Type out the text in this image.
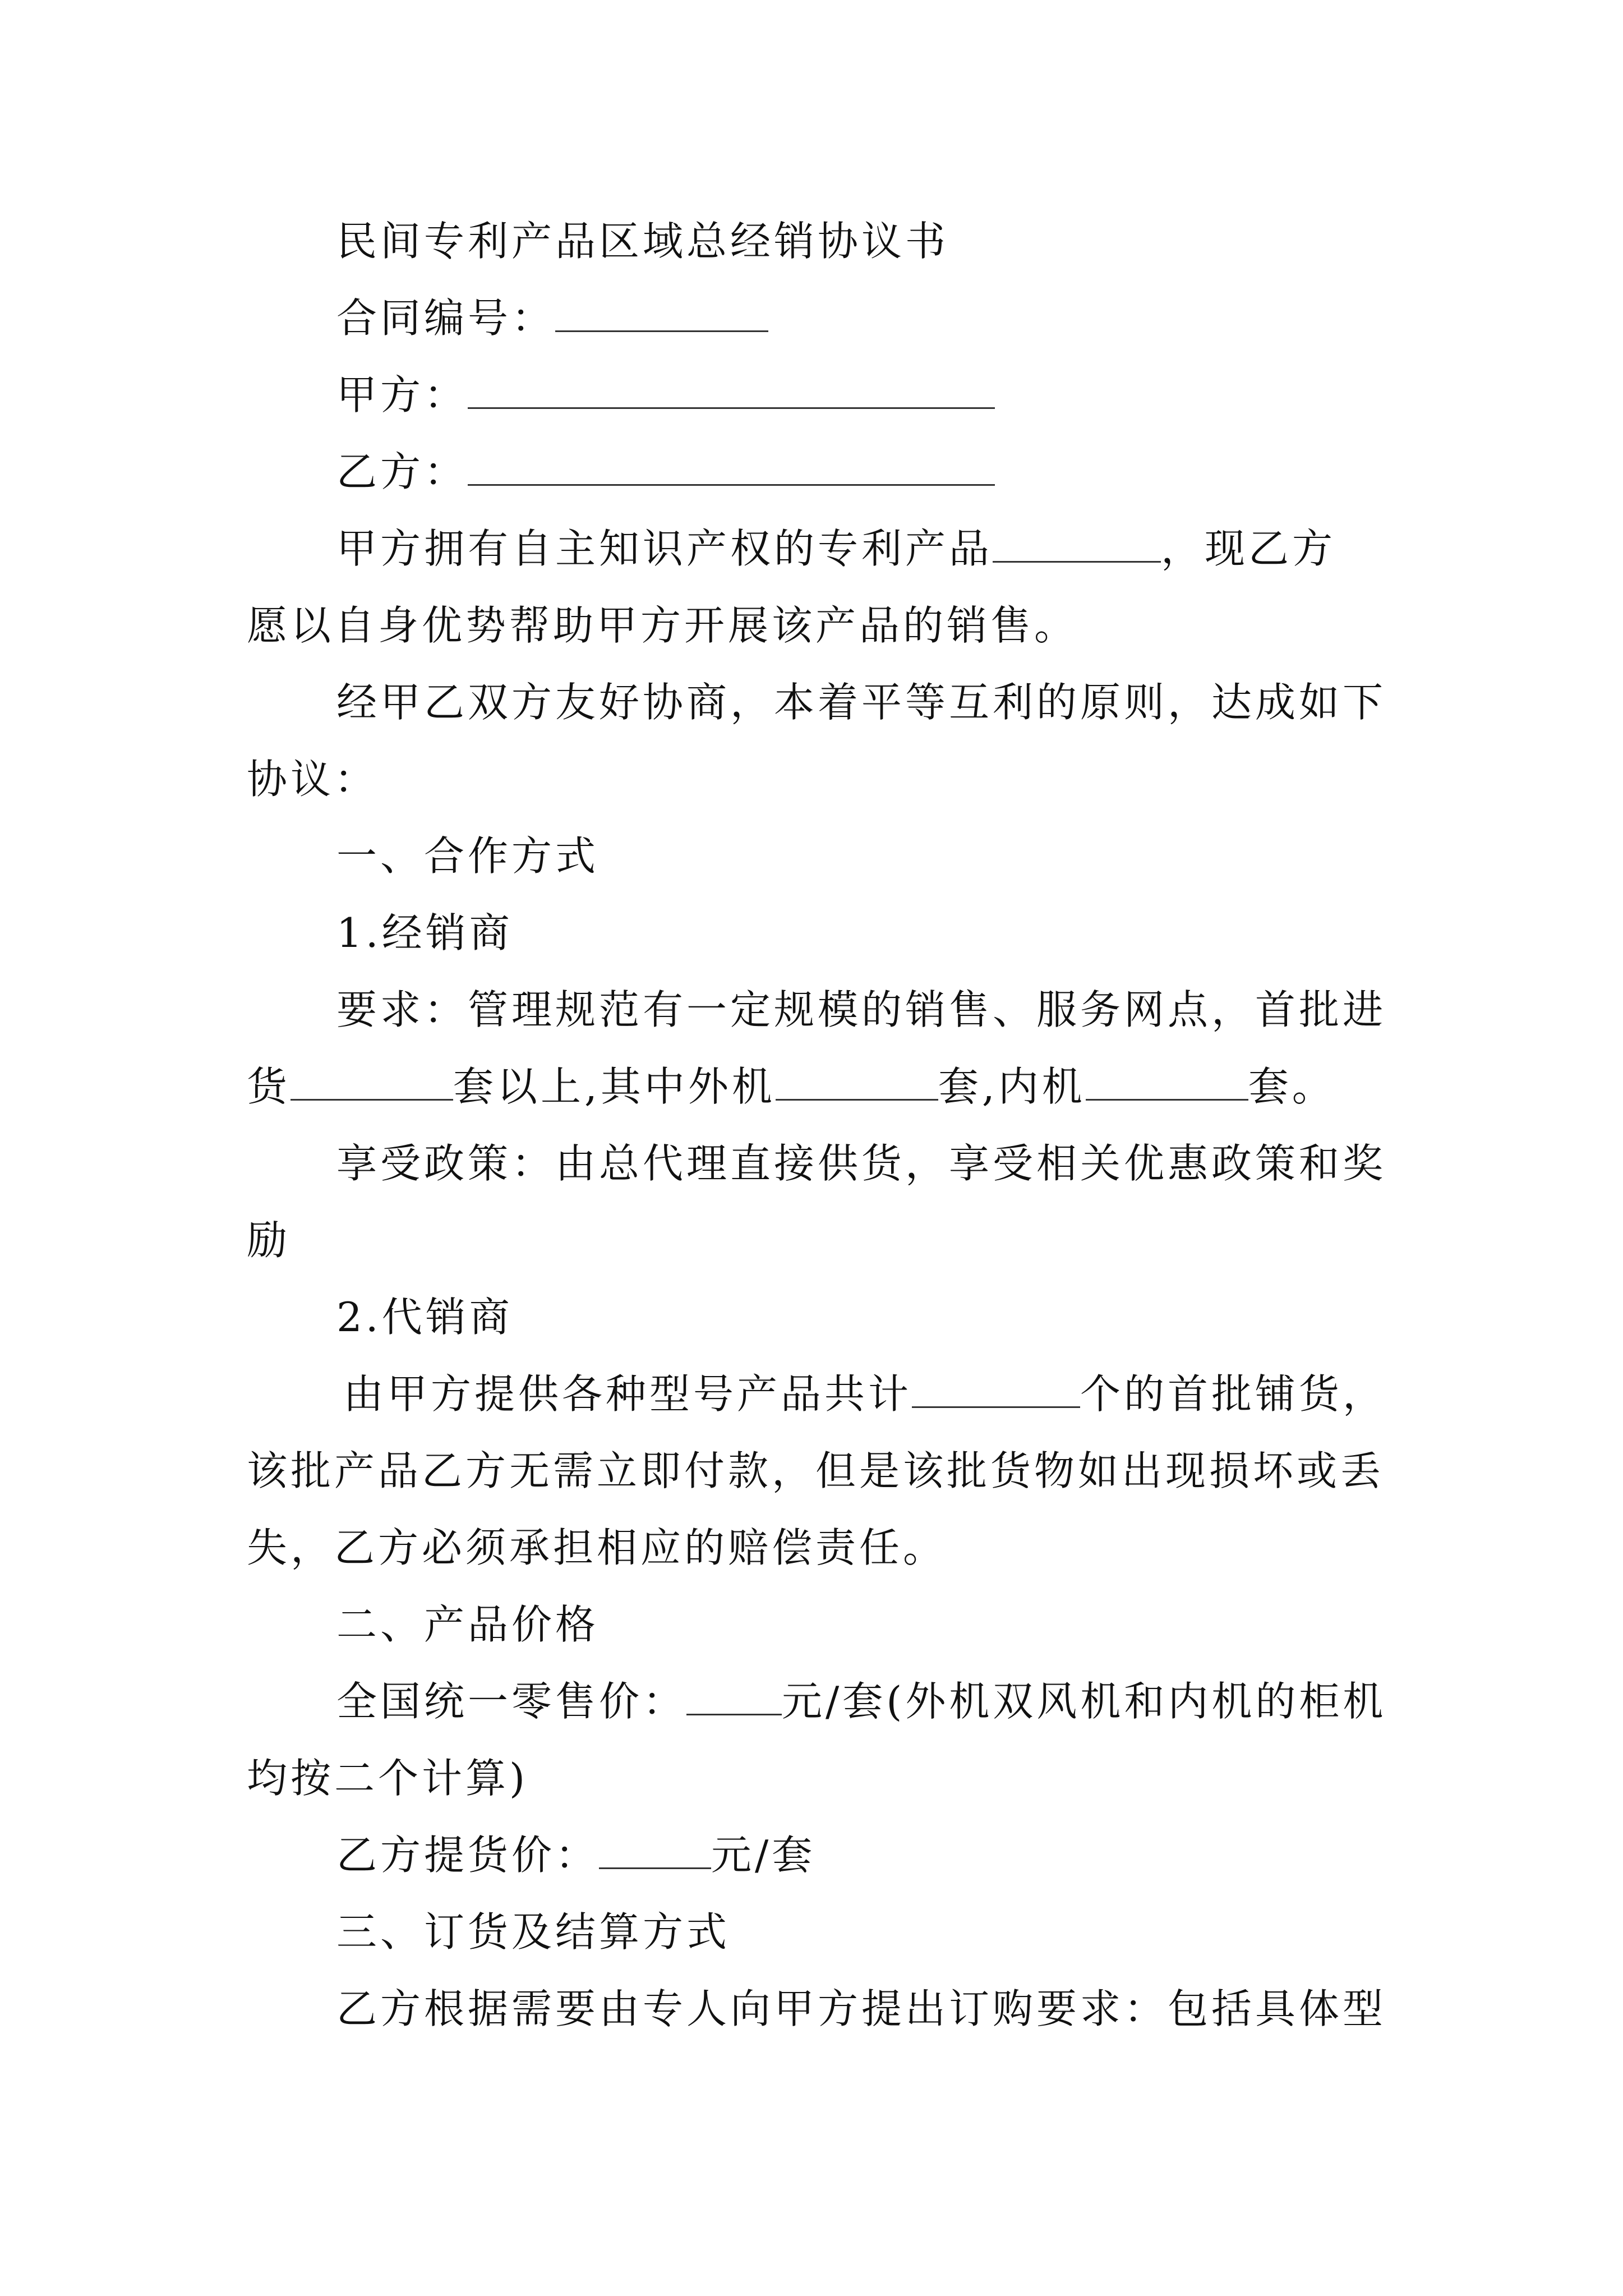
民间专利产品区域总经销协议书
合同编号：
甲方：
乙方：
甲方拥有自主知识产权的专利产品	，现乙方
愿以自身优势帮助甲方开展该产品的销售。
经甲乙双方友好协商，本着平等互利的原则，达成如下
协议：
一、合作方式
1.经销商
要求：管理规范有一定规模的销售、服务网点，首批进
货	套以上,其中外机	套,内机	套。
享受政策：由总代理直接供货，享受相关优惠政策和奖
励
2.代销商
由甲方提供各种型号产品共计	个的首批铺货，
该批产品乙方无需立即付款，但是该批货物如出现损坏或丢
失，乙方必须承担相应的赔偿责任。
二、产品价格
全国统一零售价： 元/套(外机双风机和内机的柜机
均按二个计算)
乙方提货价：	元/套
三、订货及结算方式
乙方根据需要由专人向甲方提出订购要求：包括具体型
